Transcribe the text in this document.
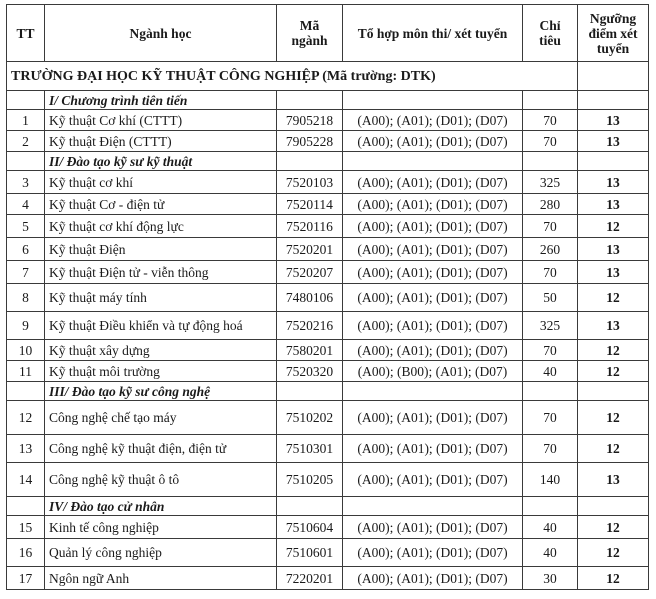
TT	Ngành học	Mã ngành	Tổ hợp môn thi/ xét tuyển	Chỉ tiêu	Ngưỡng điểm xét tuyển
TRƯỜNG ĐẠI HỌC KỸ THUẬT CÔNG NGHIỆP (Mã trường: DTK)					
	I/ Chương trình tiên tiến				
1	Kỹ thuật Cơ khí (CTTT)	7905218	(A00); (A01); (D01); (D07)	70	13
2	Kỹ thuật Điện (CTTT)	7905228	(A00); (A01); (D01); (D07)	70	13
	II/ Đào tạo kỹ sư kỹ thuật				
3	Kỹ thuật cơ khí	7520103	(A00); (A01); (D01); (D07)	325	13
4	Kỹ thuật Cơ - điện tử	7520114	(A00); (A01); (D01); (D07)	280	13
5	Kỹ thuật cơ khí động lực	7520116	(A00); (A01); (D01); (D07)	70	12
6	Kỹ thuật Điện	7520201	(A00); (A01); (D01); (D07)	260	13
7	Kỹ thuật Điện tử - viễn thông	7520207	(A00); (A01); (D01); (D07)	70	13
8	Kỹ thuật máy tính	7480106	(A00); (A01); (D01); (D07)	50	12
9	Kỹ thuật Điều khiển và tự động hoá	7520216	(A00); (A01); (D01); (D07)	325	13
10	Kỹ thuật xây dựng	7580201	(A00); (A01); (D01); (D07)	70	12
11	Kỹ thuật môi trường	7520320	(A00); (B00); (A01); (D07)	40	12
	III/ Đào tạo kỹ sư công nghệ				
12	Công nghệ chế tạo máy	7510202	(A00); (A01); (D01); (D07)	70	12
13	Công nghệ kỹ thuật điện, điện tử	7510301	(A00); (A01); (D01); (D07)	70	12
14	Công nghệ kỹ thuật ô tô	7510205	(A00); (A01); (D01); (D07)	140	13
	IV/ Đào tạo cử nhân				
15	Kinh tế công nghiệp	7510604	(A00); (A01); (D01); (D07)	40	12
16	Quản lý công nghiệp	7510601	(A00); (A01); (D01); (D07)	40	12
17	Ngôn ngữ Anh	7220201	(A00); (A01); (D01); (D07)	30	12
